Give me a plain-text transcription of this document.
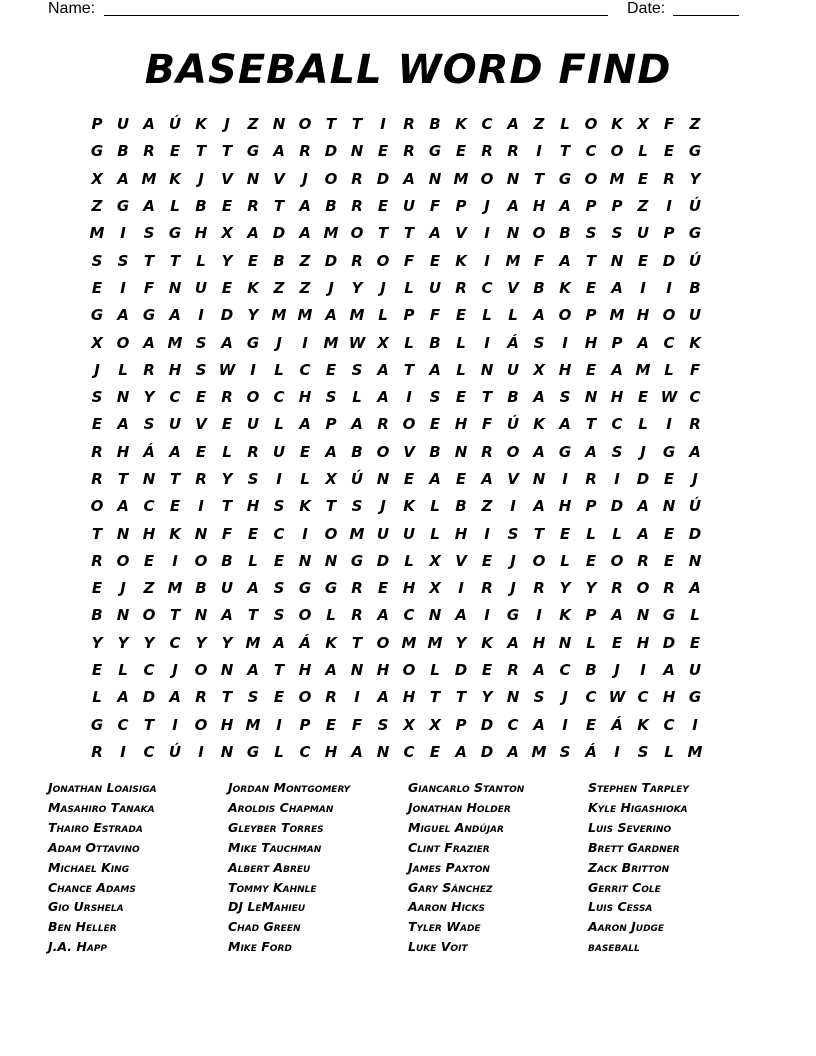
Name:	Date:
BASEBALL WORD FIND
P U A Ú K	J	Z N O T	T	I	R B K C A Z	L O K X	F	Z
G B R	E	T	T G A R D N E	R G E	R R	I	T	C O L	E G
X A M K	J	V N V	J	O R D A N M O N T G O M E	R Y
Z G A	L	B	E	R	T	A B R	E U F	P	J	A H A P	P	Z	I	Ú
M	I	S G H X A D A M O T	T	A V	I	N O B S	S U P G
S	S	T	T	L	Y	E	B Z D R O F	E	K	I	M F	A	T N E D Ú
E	I	F N U E	K Z	Z	J	Y	J	L	U R C V B K	E	A	I	I	B
G A G A	I	D Y M M A M L	P	F	E	L	L	A O P M H O U
X O A M S A G	J	I	M W X	L	B	L	I	Á S	I	H P A C K
J	L	R H S W I	L	C	E	S A	T	A	L N U X H E	A M L	F
S N Y	C	E	R O C H S	L	A	I	S	E	T	B A S N H E W C
E	A S U V	E U	L	A P A R O E H F Ú K A	T	C	L	I	R
R H Á A	E	L	R U E	A B O V B N R O A G A S	J	G A
R	T N T	R Y	S	I	L	X Ú N E	A	E	A V N	I	R	I	D E	J
O A C	E	I	T H S K	T	S	J	K	L	B Z	I	A H P D A N Ú
T N H K N F	E	C	I	O M U U	L H	I	S	T	E	L	L	A	E D
R O E	I	O B	L	E N N G D	L	X V	E	J	O L	E O R	E N
E	J	Z M B U A S G G R	E H X	I	R	J	R Y	Y R O R A
B N O T N A	T	S O L	R A C N A	I	G	I	K P A N G	L
Y	Y	Y	C	Y	Y M A Á K	T O M M Y K A H N L	E H D E
E	L	C	J	O N A	T H A N H O L D E	R A C B	J	I	A U
L	A D A R	T	S	E O R	I	A H T	T	Y N S	J	C W C H G
G C	T	I	O H M	I	P	E	F	S X X P D C A	I	E	Á K C	I
R	I	C Ú	I	N G	L	C H A N C	E	A D A M S Á	I	S	L M
Jonathan Loaisiga
Masahiro Tanaka
Thairo Estrada
Adam Ottavino
Michael King
Chance Adams
Gio Urshela
Ben Heller
J.A. Happ
Jordan Montgomery
Aroldis Chapman
Gleyber Torres
Mike Tauchman
Albert Abreu
Tommy Kahnle
DJ LeMahieu
Chad Green
Mike Ford
Giancarlo Stanton
Jonathan Holder
Miguel Andújar
Clint Frazier
James Paxton
Gary Sánchez
Aaron Hicks
Tyler Wade
Luke Voit
Stephen Tarpley
Kyle Higashioka
Luis Severino
Brett Gardner
Zack Britton
Gerrit Cole
Luis Cessa
Aaron Judge
baseball
